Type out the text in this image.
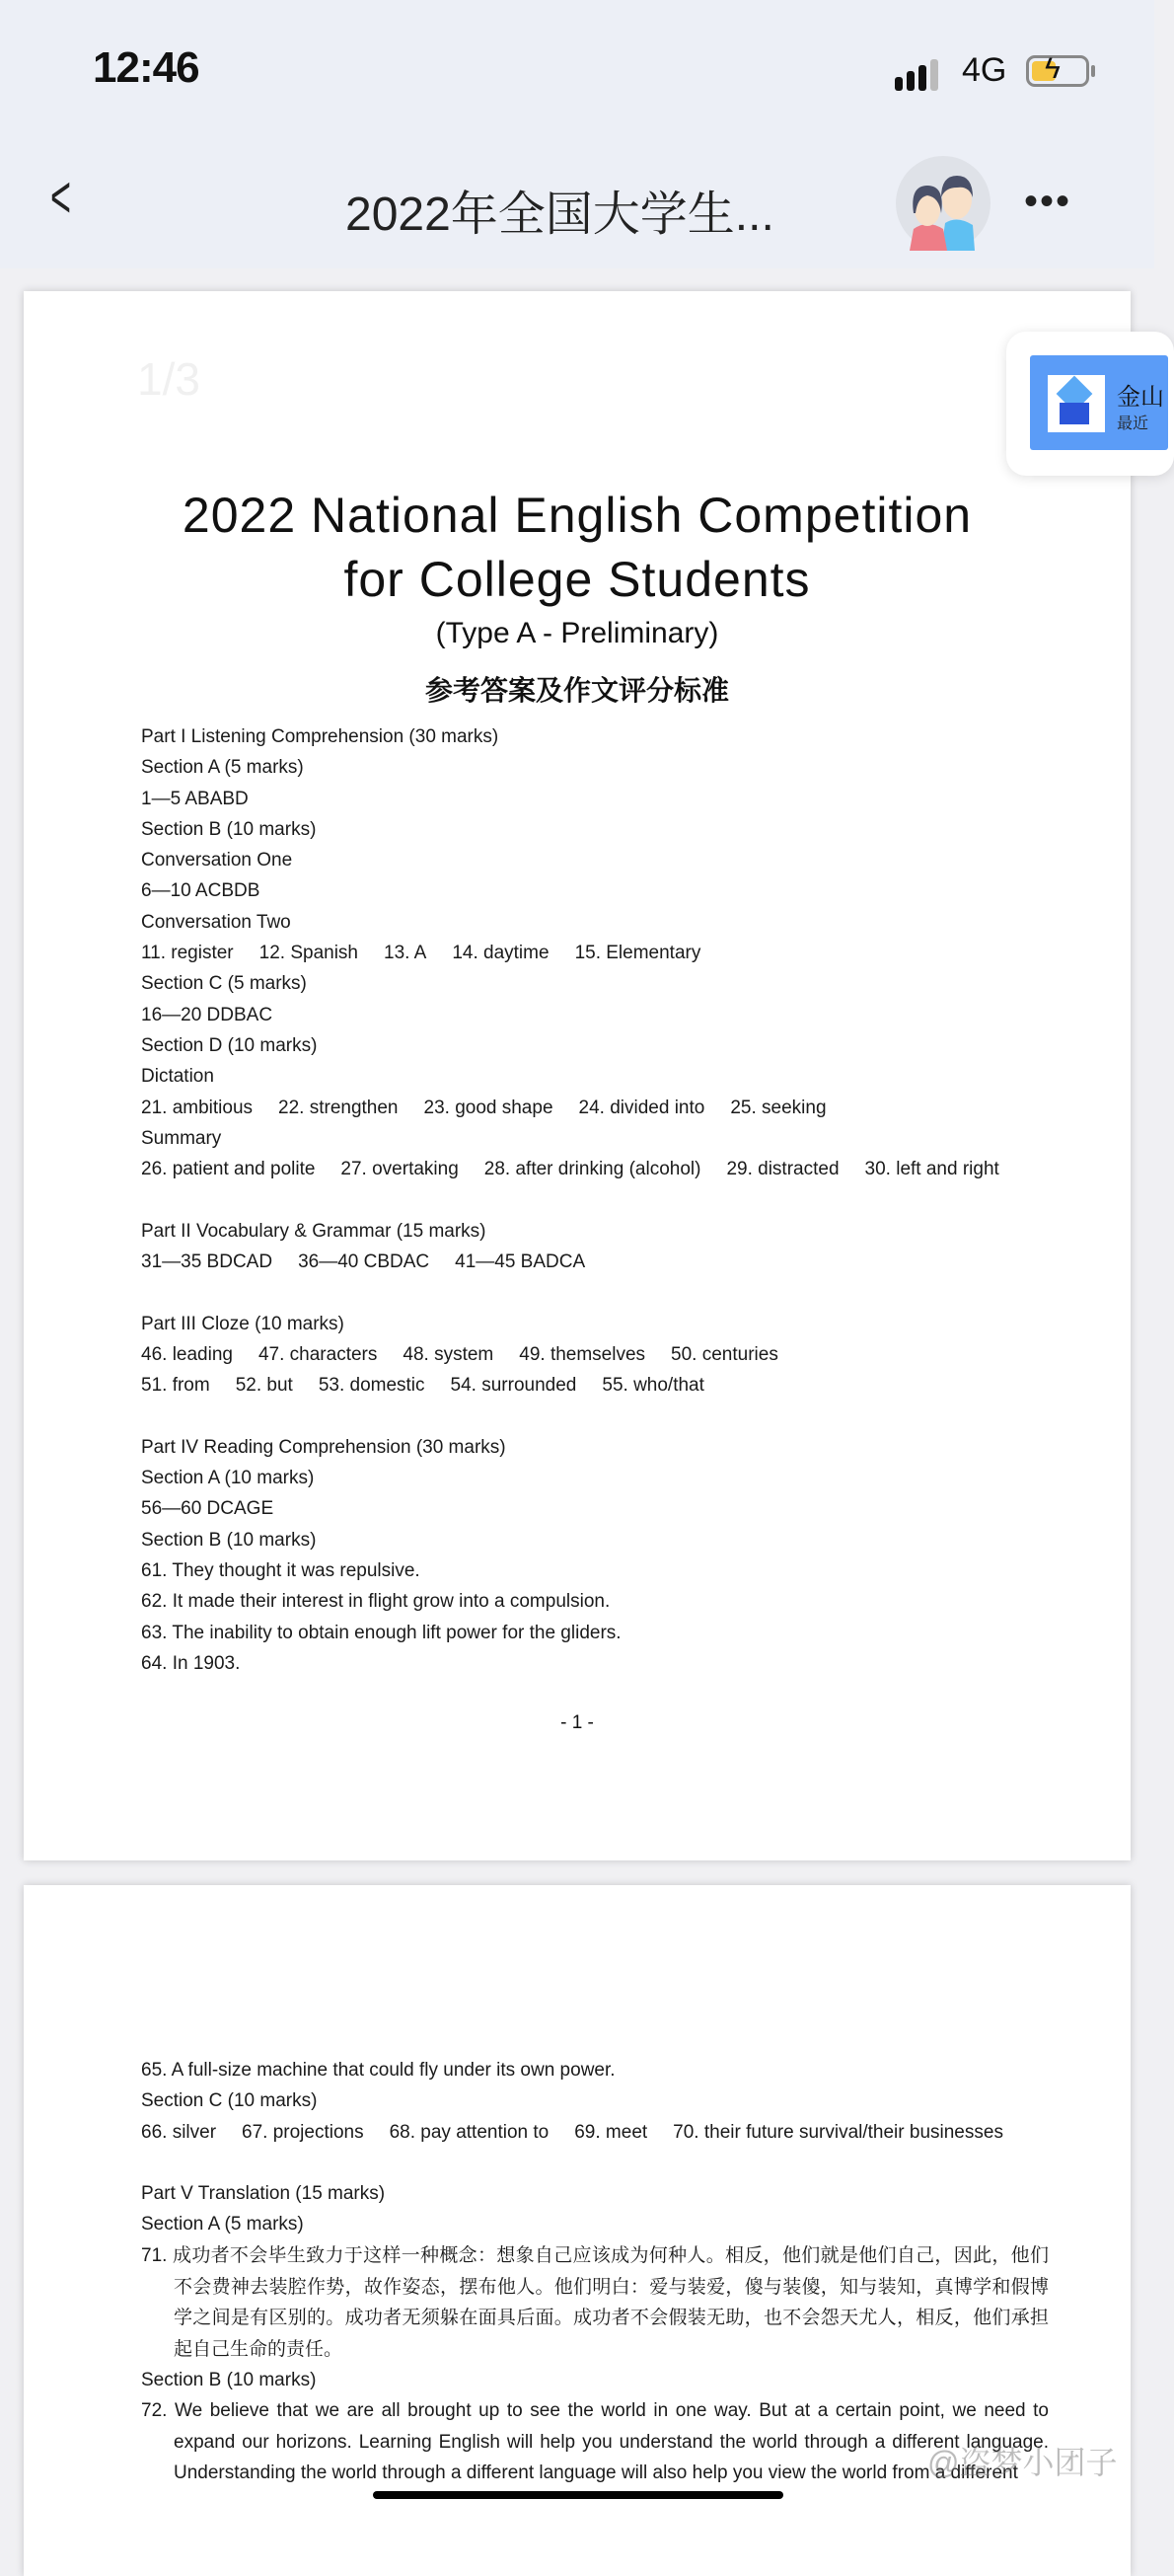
12:46	4G ϟ
<	2022年全国大学生...	•••
1/3
2022 National English Competition
for College Students
(Type A - Preliminary)
参考答案及作文评分标准
Part I Listening Comprehension (30 marks)
Section A (5 marks)
1—5 ABABD
Section B (10 marks)
Conversation One
6—10 ACBDB
Conversation Two
11. register 12. Spanish 13. A 14. daytime 15. Elementary
Section C (5 marks)
16—20 DDBAC
Section D (10 marks)
Dictation
21. ambitious 22. strengthen 23. good shape 24. divided into 25. seeking
Summary
26. patient and polite 27. overtaking 28. after drinking (alcohol) 29. distracted 30. left and right
Part II Vocabulary & Grammar (15 marks)
31—35 BDCAD 36—40 CBDAC 41—45 BADCA
Part III Cloze (10 marks)
46. leading 47. characters 48. system 49. themselves 50. centuries
51. from 52. but 53. domestic 54. surrounded 55. who/that
Part IV Reading Comprehension (30 marks)
Section A (10 marks)
56—60 DCAGE
Section B (10 marks)
61. They thought it was repulsive.
62. It made their interest in flight grow into a compulsion.
63. The inability to obtain enough lift power for the gliders.
64. In 1903.
- 1 -
65. A full-size machine that could fly under its own power.
Section C (10 marks)
66. silver 67. projections 68. pay attention to 69. meet 70. their future survival/their businesses
Part V Translation (15 marks)
Section A (5 marks)
71. 成功者不会毕生致力于这样一种概念：想象自己应该成为何种人。相反，他们就是他们自己，因此，他们不会费神去装腔作势，故作姿态，摆布他人。他们明白：爱与装爱，傻与装傻，知与装知，真博学和假博学之间是有区别的。成功者无须躲在面具后面。成功者不会假装无助，也不会怨天尤人，相反，他们承担起自己生命的责任。
Section B (10 marks)
72. We believe that we are all brought up to see the world in one way. But at a certain point, we need to expand our horizons. Learning English will help you understand the world through a different language. Understanding the world through a different language will also help you view the world from a different
金山
最近
@盗梦小团子
